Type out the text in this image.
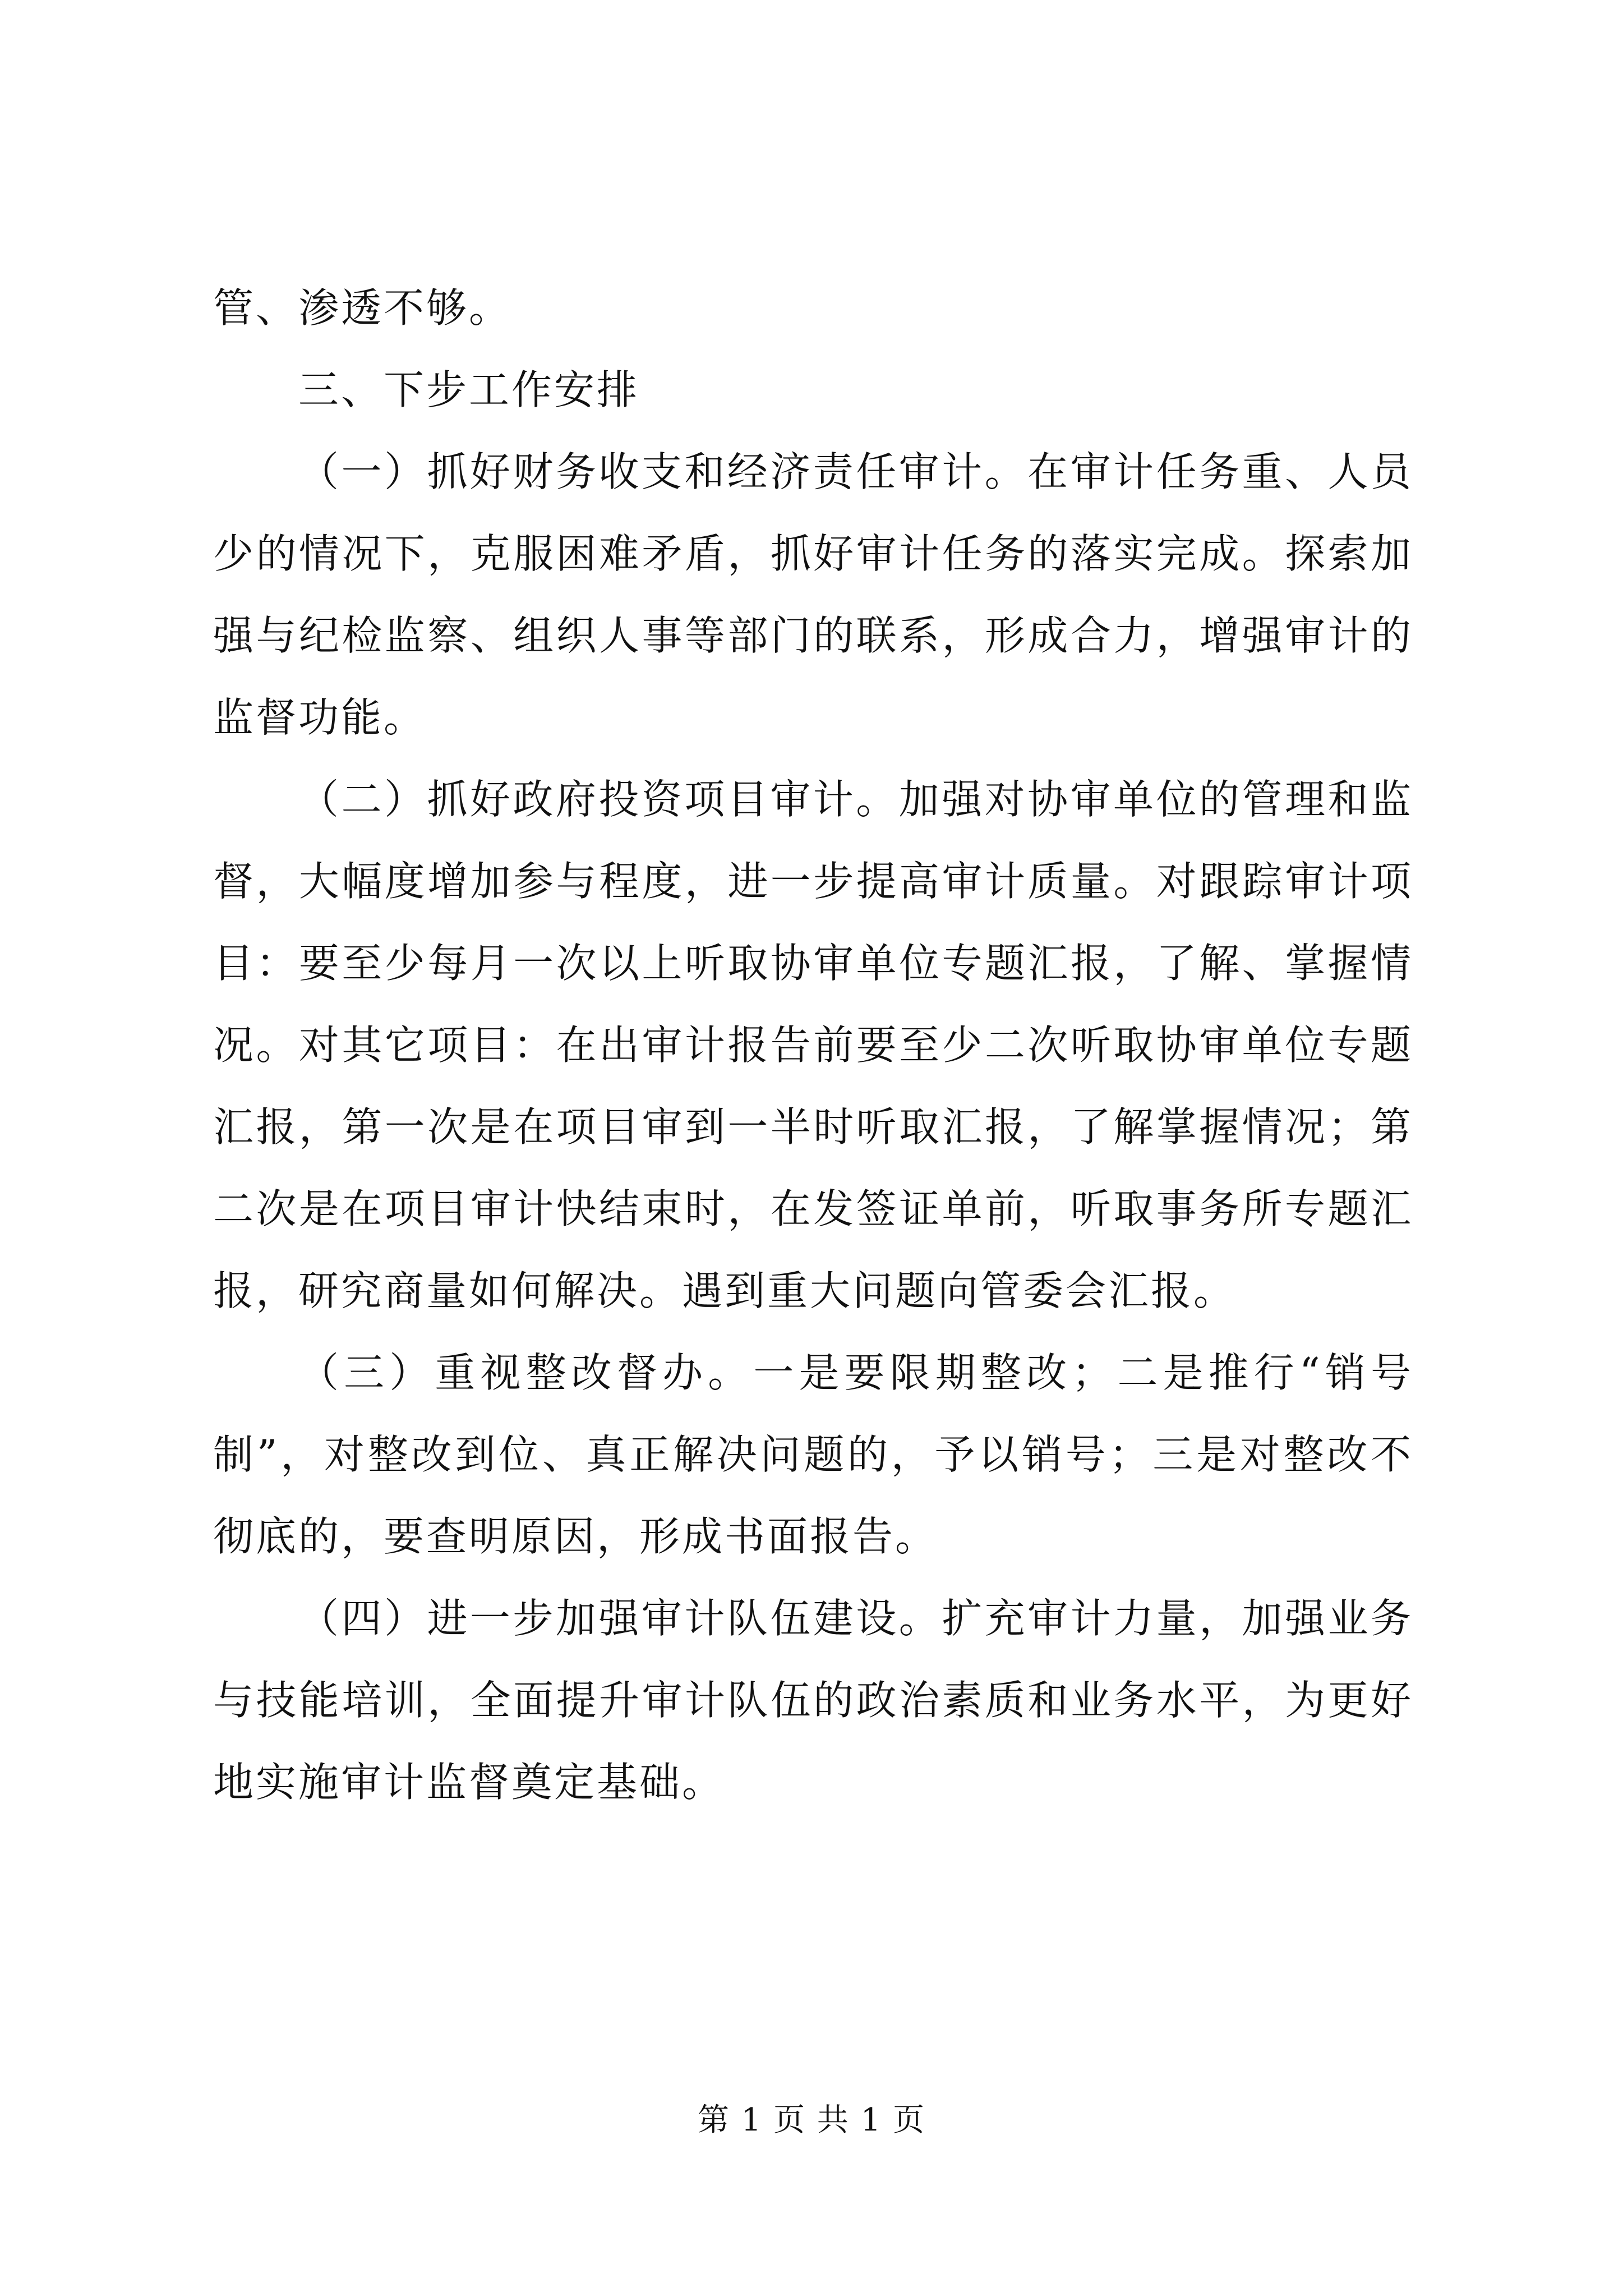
管、渗透不够。

三、下步工作安排

（一）抓好财务收支和经济责任审计。在审计任务重、人员少的情况下，克服困难矛盾，抓好审计任务的落实完成。探索加强与纪检监察、组织人事等部门的联系，形成合力，增强审计的监督功能。

（二）抓好政府投资项目审计。加强对协审单位的管理和监督，大幅度增加参与程度，进一步提高审计质量。对跟踪审计项目：要至少每月一次以上听取协审单位专题汇报，了解、掌握情况。对其它项目：在出审计报告前要至少二次听取协审单位专题汇报，第一次是在项目审到一半时听取汇报，了解掌握情况；第二次是在项目审计快结束时，在发签证单前，听取事务所专题汇报，研究商量如何解决。遇到重大问题向管委会汇报。

（三）重视整改督办。一是要限期整改；二是推行“销号制”，对整改到位、真正解决问题的，予以销号；三是对整改不彻底的，要查明原因，形成书面报告。

（四）进一步加强审计队伍建设。扩充审计力量，加强业务与技能培训，全面提升审计队伍的政治素质和业务水平，为更好地实施审计监督奠定基础。

第 1 页 共 1 页
